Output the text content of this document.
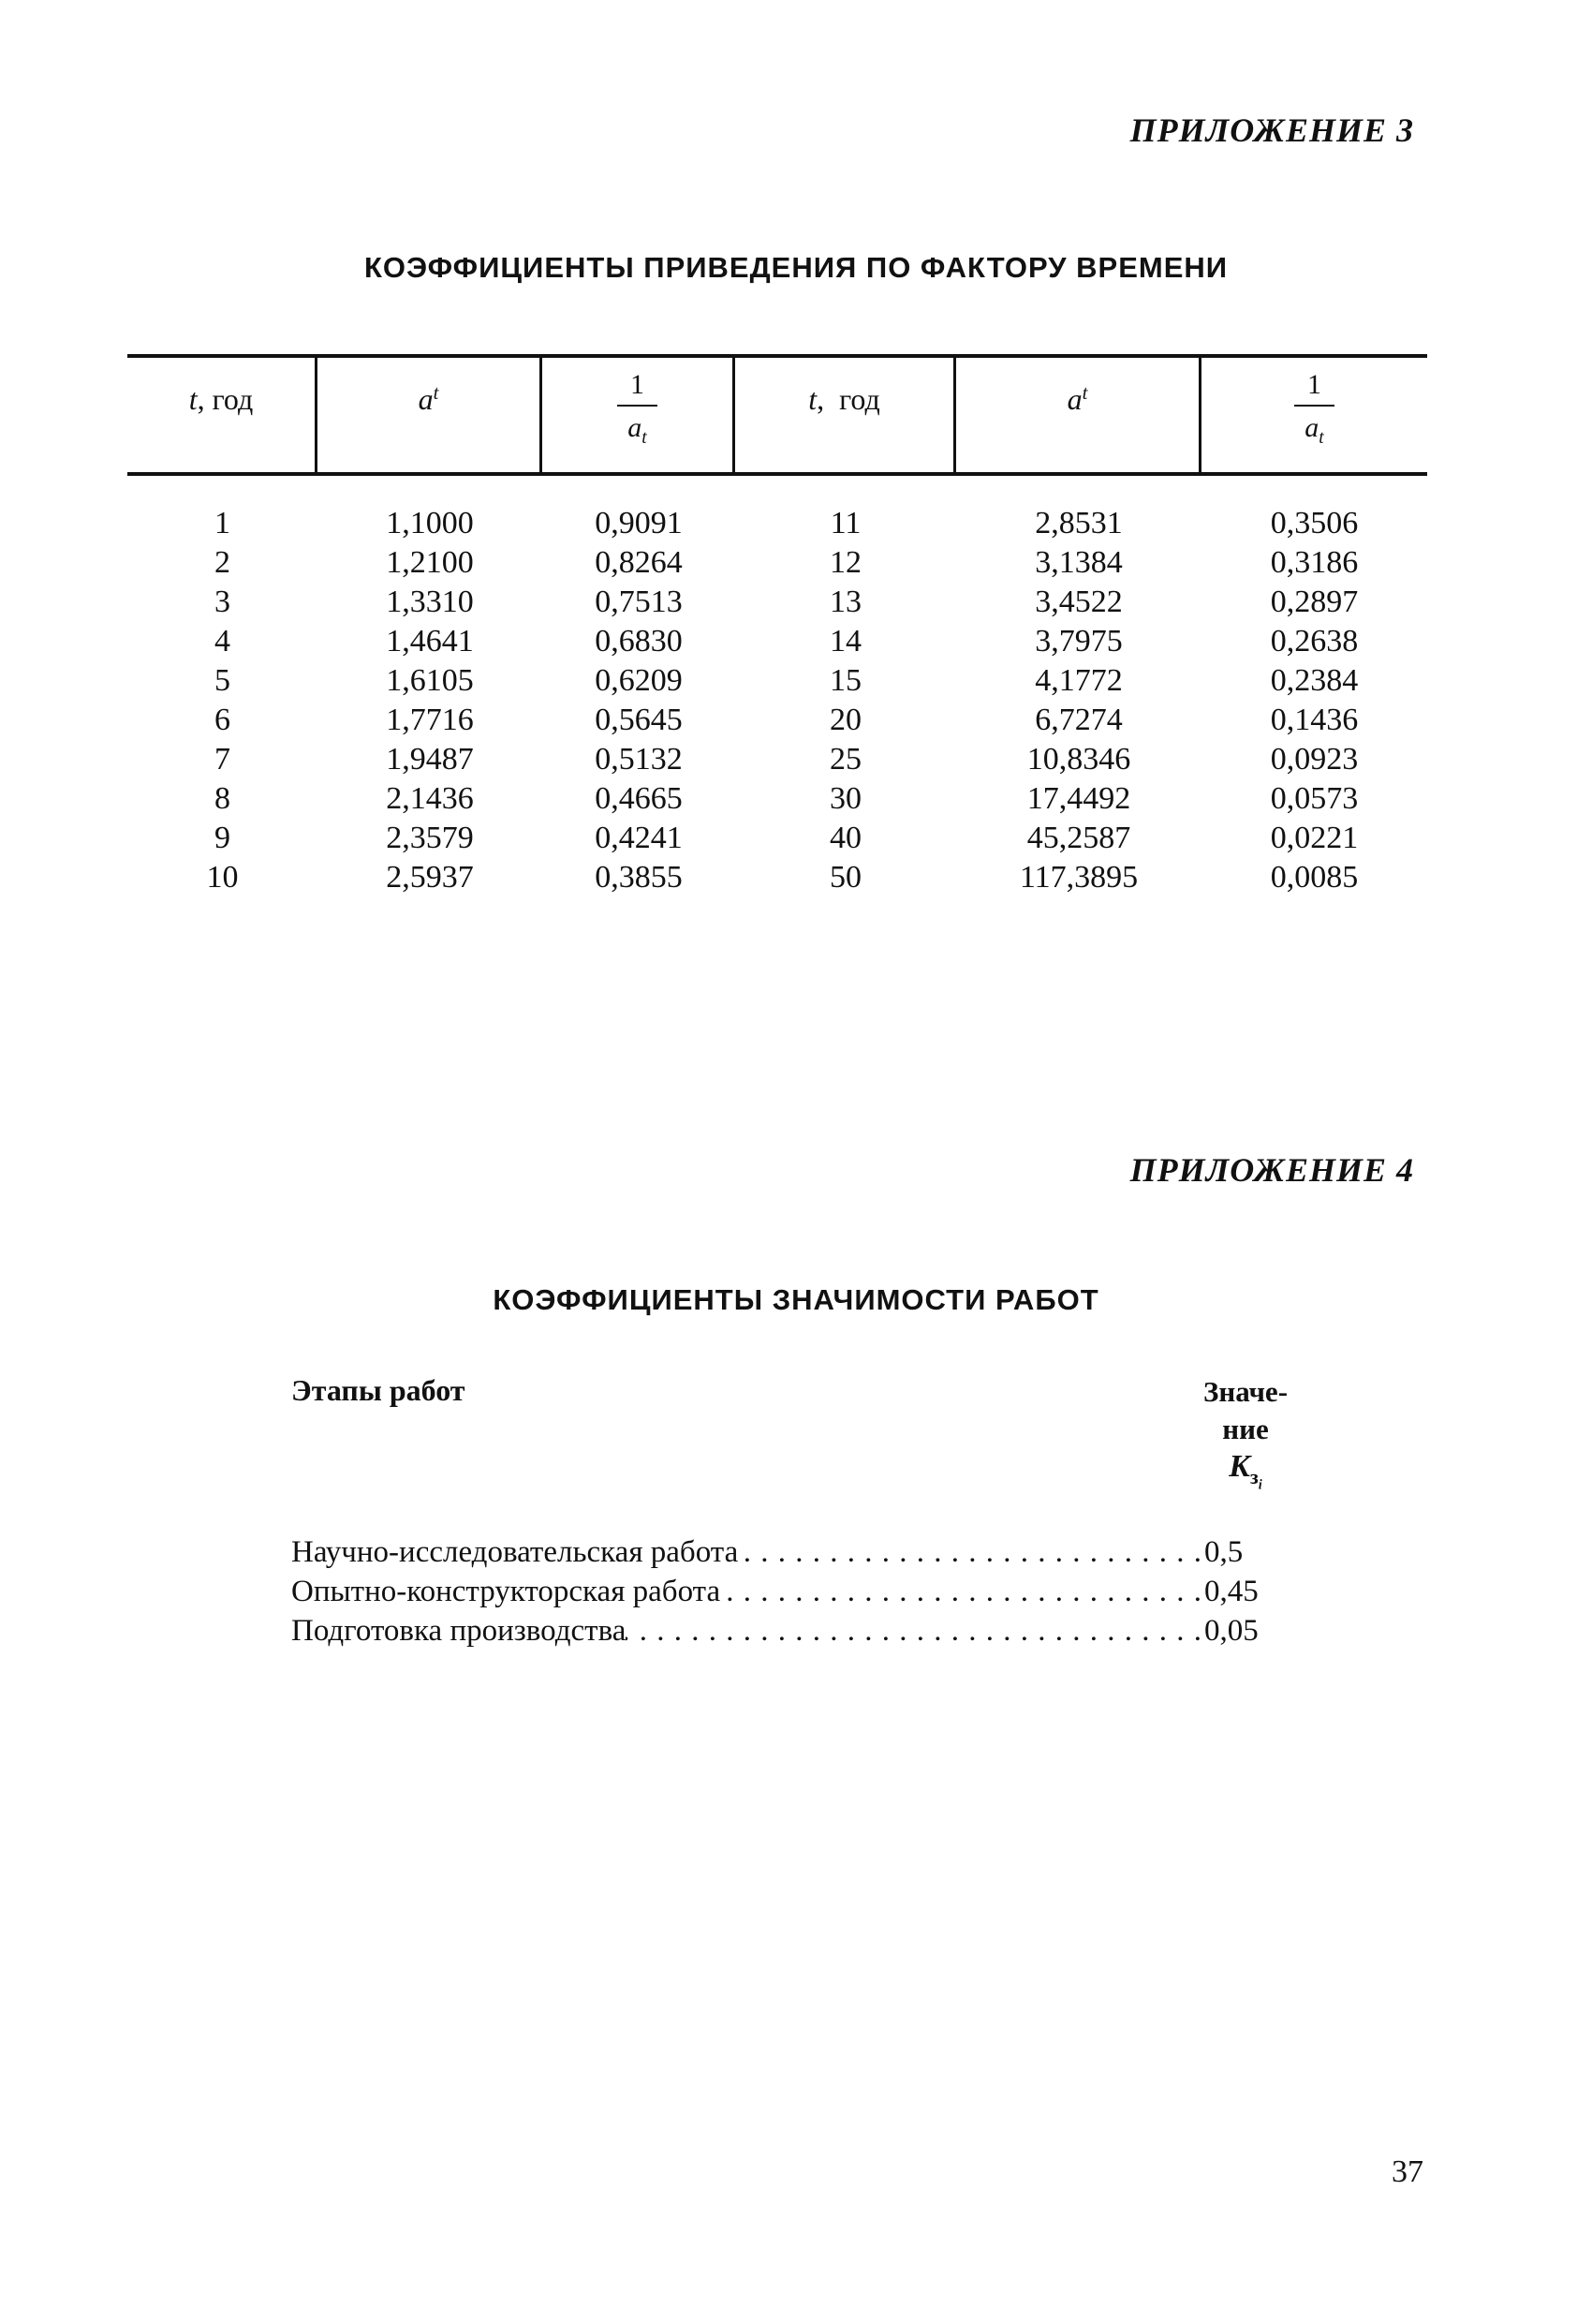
ПРИЛОЖЕНИЕ 3
КОЭФФИЦИЕНТЫ ПРИВЕДЕНИЯ ПО ФАКТОРУ ВРЕМЕНИ
t , год	$a^t$	$\frac{1}{a_t}$	t ,  год	$a^t$	$\frac{1}{a_t}$
1	1,1000	0,9091	11	2,8531	0,3506
2	1,2100	0,8264	12	3,1384	0,3186
3	1,3310	0,7513	13	3,4522	0,2897
4	1,4641	0,6830	14	3,7975	0,2638
5	1,6105	0,6209	15	4,1772	0,2384
6	1,7716	0,5645	20	6,7274	0,1436
7	1,9487	0,5132	25	10,8346	0,0923
8	2,1436	0,4665	30	17,4492	0,0573
9	2,3579	0,4241	40	45,2587	0,0221
10	2,5937	0,3855	50	117,3895	0,0085
ПРИЛОЖЕНИЕ 4
КОЭФФИЦИЕНТЫ ЗНАЧИМОСТИ РАБОТ
Этапы работ	Значе-
ние
$K_{з_i}$
Научно-исследовательская работа . . .	0,5
Опытно-конструкторская работа . . .	0,45
Подготовка производства . . .	0,05
37
